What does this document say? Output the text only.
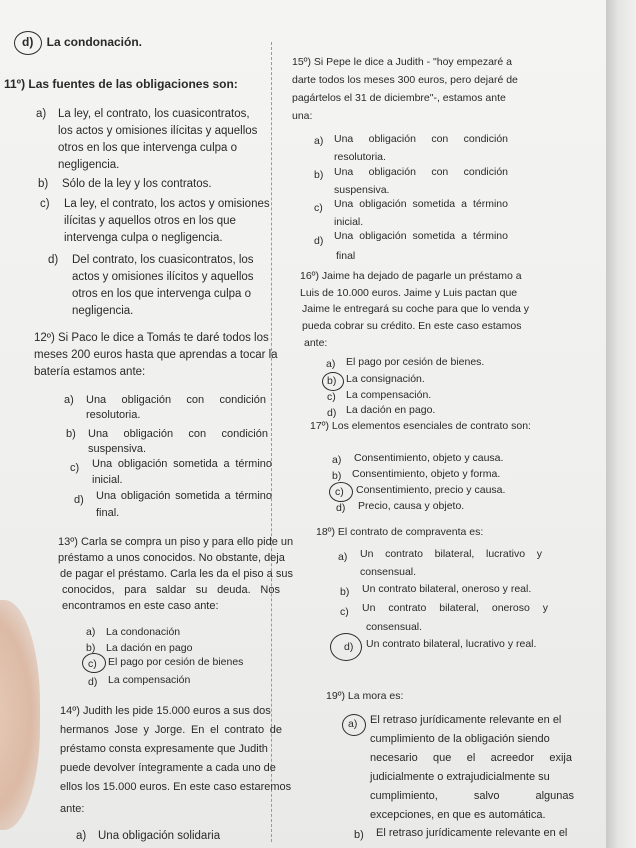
d) La condonación.
11º) Las fuentes de las obligaciones son:
a) La ley, el contrato, los cuasicontratos,
los actos y omisiones ilícitas y aquellos
otros en los que intervenga culpa o
negligencia.
b) Sólo de la ley y los contratos.
c) La ley, el contrato, los actos y omisiones
ilícitas y aquellos otros en los que
intervenga culpa o negligencia.
d) Del contrato, los cuasicontratos, los
actos y omisiones ilícitos y aquellos
otros en los que intervenga culpa o
negligencia.
12º) Si Paco le dice a Tomás te daré todos los
meses 200 euros hasta que aprendas a tocar la
batería estamos ante:
a) Una obligación con condición
resolutoria.
b) Una obligación con condición
suspensiva.
c) Una obligación sometida a término
inicial.
d) Una obligación sometida a término
final.
13º) Carla se compra un piso y para ello pide un
préstamo a unos conocidos. No obstante, deja
de pagar el préstamo. Carla les da el piso a sus
conocidos, para saldar su deuda. Nos
encontramos en este caso ante:
a) La condonación
b) La dación en pago
c) El pago por cesión de bienes
d) La compensación
14º) Judith les pide 15.000 euros a sus dos
hermanos Jose y Jorge. En el contrato de
préstamo consta expresamente que Judith
puede devolver íntegramente a cada uno de
ellos los 15.000 euros. En este caso estaremos
ante:
a) Una obligación solidaria
15º) Si Pepe le dice a Judith - "hoy empezaré a
darte todos los meses 300 euros, pero dejaré de
pagártelos el 31 de diciembre"-, estamos ante
una:
a) Una obligación con condición
resolutoria.
b) Una obligación con condición
suspensiva.
c) Una obligación sometida a término
inicial.
d) Una obligación sometida a término
final
16º) Jaime ha dejado de pagarle un préstamo a
Luis de 10.000 euros. Jaime y Luis pactan que
Jaime le entregará su coche para que lo venda y
pueda cobrar su crédito. En este caso estamos
ante:
a) El pago por cesión de bienes.
b) La consignación.
c) La compensación.
d) La dación en pago.
17º) Los elementos esenciales de contrato son:
a) Consentimiento, objeto y causa.
b) Consentimiento, objeto y forma.
c) Consentimiento, precio y causa.
d) Precio, causa y objeto.
18º) El contrato de compraventa es:
a) Un contrato bilateral, lucrativo y
consensual.
b) Un contrato bilateral, oneroso y real.
c) Un contrato bilateral, oneroso y
consensual.
d) Un contrato bilateral, lucrativo y real.
19º) La mora es:
a) El retraso jurídicamente relevante en el
cumplimiento de la obligación siendo
necesario que el acreedor exija
judicialmente o extrajudicialmente su
cumplimiento, salvo algunas
excepciones, en que es automática.
b) El retraso jurídicamente relevante en el
